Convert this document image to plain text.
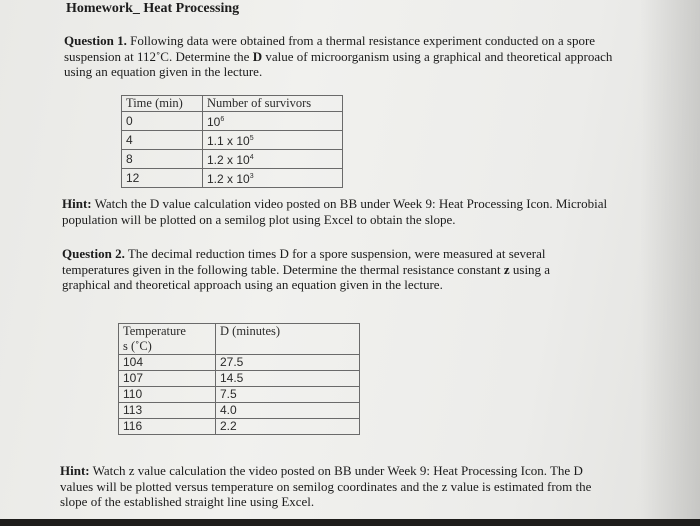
Homework_ Heat Processing
Question 1. Following data were obtained from a thermal resistance experiment conducted on a spore suspension at 112˚C. Determine the D value of microorganism using a graphical and theoretical approach using an equation given in the lecture.
Time (min)	Number of survivors
0	$10^6$
4	1.1 x $10^5$
8	1.2 x $10^4$
12	1.2 x $10^3$
Hint: Watch the D value calculation video posted on BB under Week 9: Heat Processing Icon. Microbial population will be plotted on a semilog plot using Excel to obtain the slope.
Question 2. The decimal reduction times D for a spore suspension, were measured at several temperatures given in the following table. Determine the thermal resistance constant z using a graphical and theoretical approach using an equation given in the lecture.
Temperature
s (˚C)	D (minutes)
104	27.5
107	14.5
110	7.5
113	4.0
116	2.2
Hint: Watch z value calculation the video posted on BB under Week 9: Heat Processing Icon. The D values will be plotted versus temperature on semilog coordinates and the z value is estimated from the slope of the established straight line using Excel.
